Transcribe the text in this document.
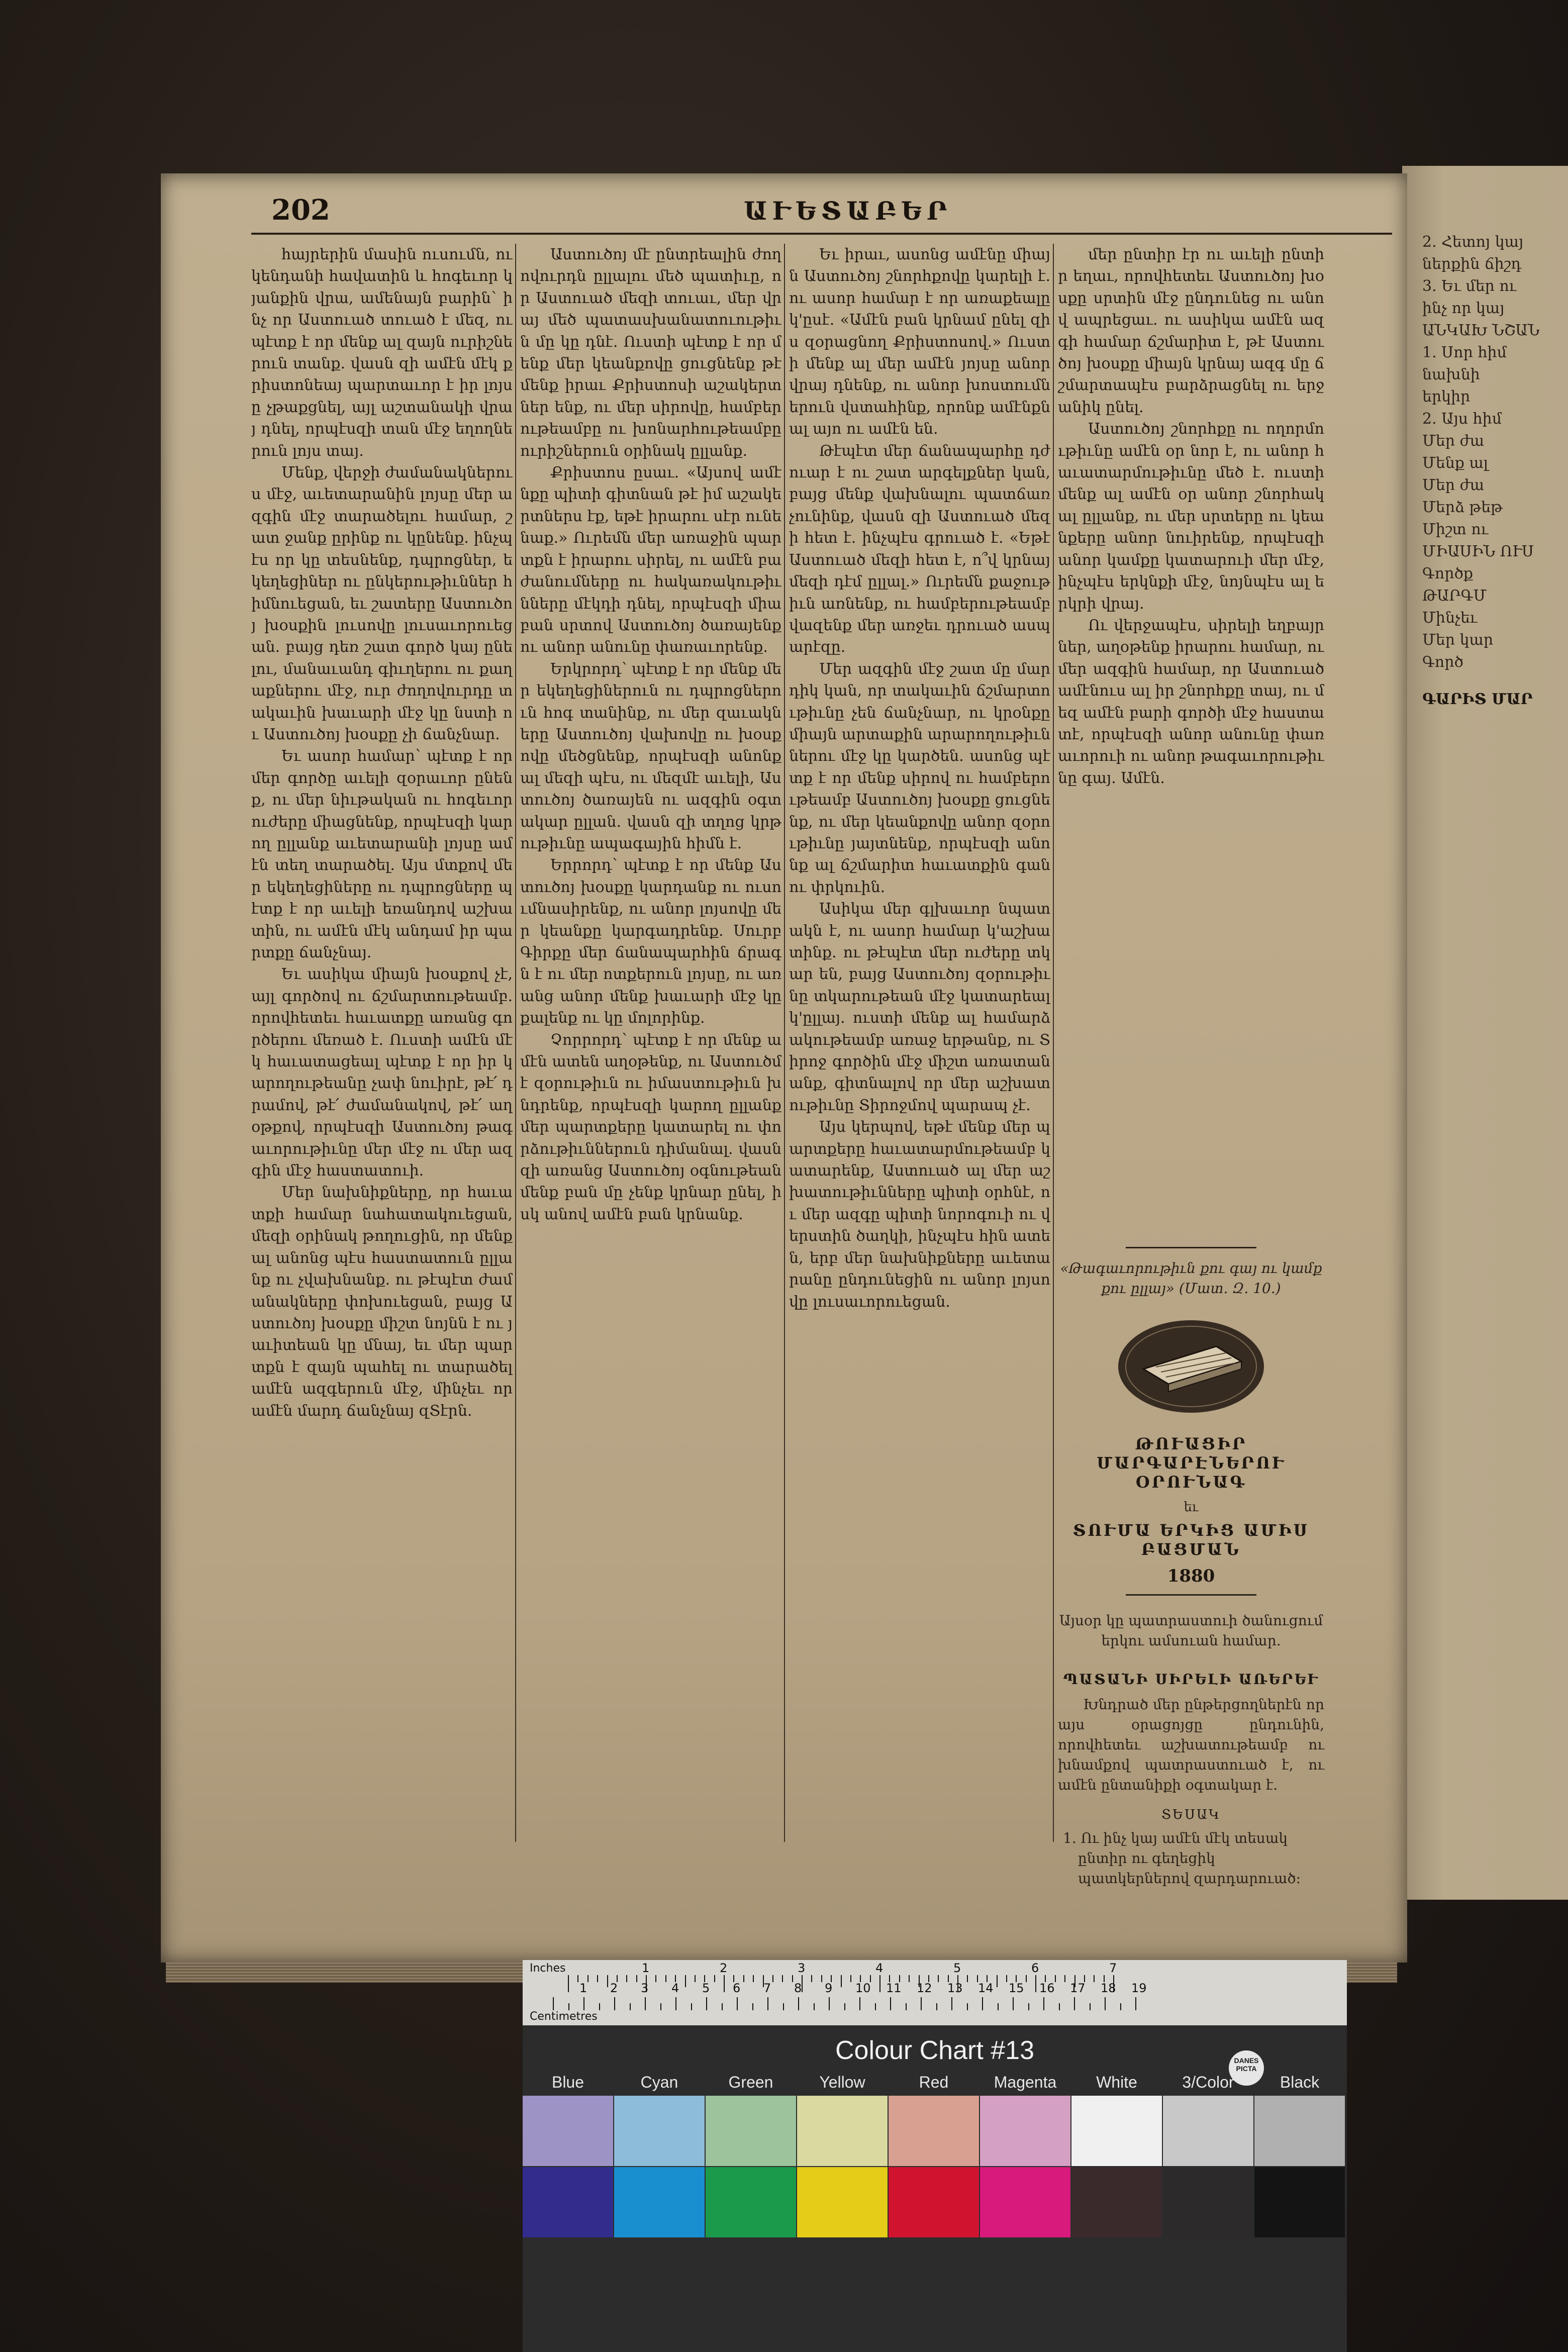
2. Հետոյ կայ
ներքին ճիշդ
3. Եւ մեր ու
ինչ որ կայ
ԱՆԿԱԽ ՆՇԱՆ
1. Սոր հիմ
նախնի
երկիր
2. Այս հիմ
Մեր ժա
Մենք ալ
Մեր ժա
Մերձ թեթ
Միշտ ու
ՄԻԱՍԻՆ ՈՒՍ
Գործք
ԹԱՐԳՄ
Մինչեւ
Մեր կար
Գործ
ԳԱՐԻՏ ՄԱՐ
202	ԱՒԵՏԱԲԵՐ

հայրերին մասին ուսումն, ու կենդանի հավատին և հոգեւոր կյանքին վրա, ամենայն բարին՝ ինչ որ Աստուած տուած է մեզ, ու պէտք է որ մենք ալ զայն ուրիշներուն տանք. վասն զի ամէն մէկ քրիստոնեայ պարտաւոր է իր լոյսը չթաքցնել, այլ աշտանակի վրայ դնել, որպէսզի տան մէջ եղողներուն լոյս տայ.

Մենք, վերջի ժամանակներուս մէջ, աւետարանին լոյսը մեր ազգին մէջ տարածելու համար, շատ ջանք ըրինք ու կընենք. ինչպէս որ կը տեսնենք, դպրոցներ, եկեղեցիներ ու ընկերութիւններ հիմնուեցան, եւ շատերը Աստուծոյ խօսքին լուսովը լուսաւորուեցան. բայց դեռ շատ գործ կայ ընելու, մանաւանդ գիւղերու ու քաղաքներու մէջ, ուր ժողովուրդը տակաւին խաւարի մէջ կը նստի ու Աստուծոյ խօսքը չի ճանչնար.

Եւ ասոր համար՝ պէտք է որ մեր գործը աւելի զօրաւոր ընենք, ու մեր նիւթական ու հոգեւոր ուժերը միացնենք, որպէսզի կարող ըլլանք աւետարանի լոյսը ամէն տեղ տարածել. Այս մտքով մեր եկեղեցիները ու դպրոցները պէտք է որ աւելի եռանդով աշխատին, ու ամէն մէկ անդամ իր պարտքը ճանչնայ.

Եւ ասիկա միայն խօսքով չէ, այլ գործով ու ճշմարտութեամբ. որովհետեւ հաւատքը առանց գործերու մեռած է. Ուստի ամէն մէկ հաւատացեալ պէտք է որ իր կարողութեանը չափ նուիրէ, թէ՛ դրամով, թէ՛ ժամանակով, թէ՛ աղօթքով, որպէսզի Աստուծոյ թագաւորութիւնը մեր մէջ ու մեր ազգին մէջ հաստատուի.

Մեր նախնիքները, որ հաւատքի համար նահատակուեցան, մեզի օրինակ թողուցին, որ մենք ալ անոնց պէս հաստատուն ըլլանք ու չվախնանք. ու թէպէտ ժամանակները փոխուեցան, բայց Աստուծոյ խօսքը միշտ նոյնն է ու յաւիտեան կը մնայ, եւ մեր պարտքն է զայն պահել ու տարածել ամէն ազգերուն մէջ, մինչեւ որ ամէն մարդ ճանչնայ զՏէրն.

Աստուծոյ մէ ընտրեալին ժողովուրդն ըլլալու մեծ պատիւը, որ Աստուած մեզի տուաւ, մեր վրայ մեծ պատասխանատուութիւն մը կը դնէ. Ուստի պէտք է որ մենք մեր կեանքովը ցուցնենք թէ մենք իրաւ Քրիստոսի աշակերտներ ենք, ու մեր սիրովը, համբերութեամբը ու խոնարհութեամբը ուրիշներուն օրինակ ըլլանք.

Քրիստոս ըսաւ. «Այսով ամէնքը պիտի գիտնան թէ իմ աշակերտներս էք, եթէ իրարու սէր ունենաք.» Ուրեմն մեր առաջին պարտքն է իրարու սիրել, ու ամէն բաժանումները ու հակառակութիւնները մէկդի դնել, որպէսզի միաբան սրտով Աստուծոյ ծառայենք ու անոր անունը փառաւորենք.

Երկրորդ՝ պէտք է որ մենք մեր եկեղեցիներուն ու դպրոցներուն հոգ տանինք, ու մեր զաւակները Աստուծոյ վախովը ու խօսքովը մեծցնենք, որպէսզի անոնք ալ մեզի պէս, ու մեզմէ աւելի, Աստուծոյ ծառայեն ու ազգին օգտակար ըլլան. վասն զի տղոց կրթութիւնը ապագային հիմն է.

Երրորդ՝ պէտք է որ մենք Աստուծոյ խօսքը կարդանք ու ուսումնասիրենք, ու անոր լոյսովը մեր կեանքը կարգադրենք. Սուրբ Գիրքը մեր ճանապարհին ճրագն է ու մեր ոտքերուն լոյսը, ու առանց անոր մենք խաւարի մէջ կը քալենք ու կը մոլորինք.

Չորրորդ՝ պէտք է որ մենք ամէն ատեն աղօթենք, ու Աստուծմէ զօրութիւն ու իմաստութիւն խնդրենք, որպէսզի կարող ըլլանք մեր պարտքերը կատարել ու փորձութիւններուն դիմանալ. վասն զի առանց Աստուծոյ օգնութեան մենք բան մը չենք կրնար ընել, իսկ անով ամէն բան կրնանք.

Եւ իրաւ, ասոնց ամէնը միայն Աստուծոյ շնորհքովը կարելի է. ու ասոր համար է որ առաքեալը կ'ըսէ. «Ամէն բան կրնամ ընել զիս զօրացնող Քրիստոսով.» Ուստի մենք ալ մեր ամէն յոյսը անոր վրայ դնենք, ու անոր խոստումներուն վստահինք, որոնք ամէնքն ալ այո ու ամէն են.

Թէպէտ մեր ճանապարհը դժուար է ու շատ արգելքներ կան, բայց մենք վախնալու պատճառ չունինք, վասն զի Աստուած մեզի հետ է. ինչպէս գրուած է. «Եթէ Աստուած մեզի հետ է, ո՞վ կրնայ մեզի դէմ ըլլալ.» Ուրեմն քաջութիւն առնենք, ու համբերութեամբ վազենք մեր առջեւ դրուած ասպարէզը.

Մեր ազգին մէջ շատ մը մարդիկ կան, որ տակաւին ճշմարտութիւնը չեն ճանչնար, ու կրօնքը միայն արտաքին արարողութիւններու մէջ կը կարծեն. ասոնց պէտք է որ մենք սիրով ու համբերութեամբ Աստուծոյ խօսքը ցուցնենք, ու մեր կեանքովը անոր զօրութիւնը յայտնենք, որպէսզի անոնք ալ ճշմարիտ հաւատքին գան ու փրկուին.

Ասիկա մեր գլխաւոր նպատակն է, ու ասոր համար կ'աշխատինք. ու թէպէտ մեր ուժերը տկար են, բայց Աստուծոյ զօրութիւնը տկարութեան մէջ կատարեալ կ'ըլլայ. ուստի մենք ալ համարձակութեամբ առաջ երթանք, ու Տիրոջ գործին մէջ միշտ առատանանք, գիտնալով որ մեր աշխատութիւնը Տիրոջմով պարապ չէ.

Այս կերպով, եթէ մենք մեր պարտքերը հաւատարմութեամբ կատարենք, Աստուած ալ մեր աշխատութիւնները պիտի օրհնէ, ու մեր ազգը պիտի նորոգուի ու վերստին ծաղկի, ինչպէս հին ատեն, երբ մեր նախնիքները աւետարանը ընդունեցին ու անոր լոյսովը լուսաւորուեցան.

մեր ընտիր էր ու աւելի ընտիր եղաւ, որովհետեւ Աստուծոյ խօսքը սրտին մէջ ընդունեց ու անով ապրեցաւ. ու ասիկա ամէն ազգի համար ճշմարիտ է, թէ Աստուծոյ խօսքը միայն կրնայ ազգ մը ճշմարտապէս բարձրացնել ու երջանիկ ընել.

Աստուծոյ շնորհքը ու ողորմութիւնը ամէն օր նոր է, ու անոր հաւատարմութիւնը մեծ է. ուստի մենք ալ ամէն օր անոր շնորհակալ ըլլանք, ու մեր սրտերը ու կեանքերը անոր նուիրենք, որպէսզի անոր կամքը կատարուի մեր մէջ, ինչպէս երկնքի մէջ, նոյնպէս ալ երկրի վրայ.

Ու վերջապէս, սիրելի եղբայրներ, աղօթենք իրարու համար, ու մեր ազգին համար, որ Աստուած ամէնուս ալ իր շնորհքը տայ, ու մեզ ամէն բարի գործի մէջ հաստատէ, որպէսզի անոր անունը փառաւորուի ու անոր թագաւորութիւնը գայ. Ամէն.

«Թագաւորութիւն քու գայ ու կամք քու ըլլայ» (Մատ. Զ. 10.)
ԹՈՒԱՑԻՐ ՄԱՐԳԱՐԷՆԵՐՈՒ ՕՐՈՒՆԱԳ
եւ
ՏՈՒՄԱ ԵՐԿԻՑ ԱՄԻՍ ԲԱՑՄԱՆ
1880
Այսօր կը պատրաստուի ծանուցում երկու ամսուան համար.
ՊԱՏԱՆԻ ՍԻՐԵԼԻ ԱՌԵՐԵՒ
Խնդրած մեր ընթերցողներէն որ այս օրացոյցը ընդունին, որովհետեւ աշխատութեամբ ու խնամքով պատրաստուած է, ու ամէն ընտանիքի օգտակար է.
ՏԵՍԱԿ
1. Ու ինչ կայ ամէն մէկ տեսակ ընտիր ու գեղեցիկ պատկերներով զարդարուած:
Inches
Centimetres
1	2	3	4	5	6	7
1 2 3 4 5 6 7 8 9 10 11 12 13 14 15 16 17 18 19
Colour Chart #13	DANES PICTA
Blue	Cyan	Green	Yellow	Red	Magenta	White	3/Color	Black
